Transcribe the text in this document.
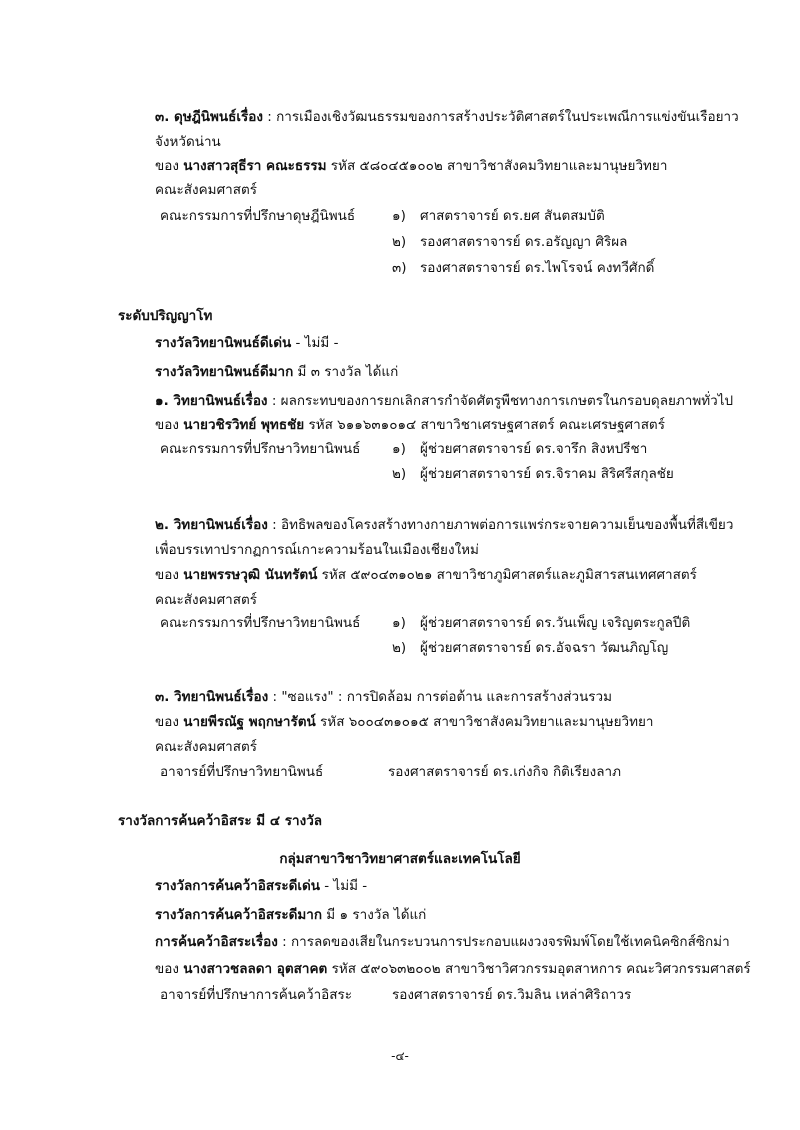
๓. ดุษฎีนิพนธ์เรื่อง : การเมืองเชิงวัฒนธรรมของการสร้างประวัติศาสตร์ในประเพณีการแข่งขันเรือยาว
จังหวัดน่าน
ของ นางสาวสุธีรา คณะธรรม รหัส ๕๘๐๔๕๑๐๐๒ สาขาวิชาสังคมวิทยาและมานุษยวิทยา
คณะสังคมศาสตร์
คณะกรรมการที่ปรึกษาดุษฎีนิพนธ์	๑) ศาสตราจารย์ ดร.ยศ สันตสมบัติ
๒) รองศาสตราจารย์ ดร.อรัญญา ศิริผล
๓) รองศาสตราจารย์ ดร.ไพโรจน์ คงทวีศักดิ์
ระดับปริญญาโท
รางวัลวิทยานิพนธ์ดีเด่น - ไม่มี -
รางวัลวิทยานิพนธ์ดีมาก มี ๓ รางวัล ได้แก่
๑. วิทยานิพนธ์เรื่อง : ผลกระทบของการยกเลิกสารกำจัดศัตรูพืชทางการเกษตรในกรอบดุลยภาพทั่วไป
ของ นายวชิรวิทย์ พุทธชัย รหัส ๖๑๑๖๓๑๐๑๔ สาขาวิชาเศรษฐศาสตร์ คณะเศรษฐศาสตร์
คณะกรรมการที่ปรึกษาวิทยานิพนธ์ ๑) ผู้ช่วยศาสตราจารย์ ดร.จารึก สิงหปรีชา
๒) ผู้ช่วยศาสตราจารย์ ดร.จิราคม สิริศรีสกุลชัย
๒. วิทยานิพนธ์เรื่อง : อิทธิพลของโครงสร้างทางกายภาพต่อการแพร่กระจายความเย็นของพื้นที่สีเขียว
เพื่อบรรเทาปรากฏการณ์เกาะความร้อนในเมืองเชียงใหม่
ของ นายพรรษวุฒิ นันทรัตน์ รหัส ๕๙๐๔๓๑๐๒๑ สาขาวิชาภูมิศาสตร์และภูมิสารสนเทศศาสตร์
คณะสังคมศาสตร์
คณะกรรมการที่ปรึกษาวิทยานิพนธ์ ๑) ผู้ช่วยศาสตราจารย์ ดร.วันเพ็ญ เจริญตระกูลปีติ
๒) ผู้ช่วยศาสตราจารย์ ดร.อัจฉรา วัฒนภิญโญ
๓. วิทยานิพนธ์เรื่อง : "ซอแรง" : การปิดล้อม การต่อต้าน และการสร้างส่วนรวม
ของ นายพีรณัฐ พฤกษารัตน์ รหัส ๖๐๐๔๓๑๐๑๕ สาขาวิชาสังคมวิทยาและมานุษยวิทยา
คณะสังคมศาสตร์
อาจารย์ที่ปรึกษาวิทยานิพนธ์	รองศาสตราจารย์ ดร.เก่งกิจ กิติเรียงลาภ
รางวัลการค้นคว้าอิสระ มี ๔ รางวัล
กลุ่มสาขาวิชาวิทยาศาสตร์และเทคโนโลยี
รางวัลการค้นคว้าอิสระดีเด่น - ไม่มี -
รางวัลการค้นคว้าอิสระดีมาก มี ๑ รางวัล ได้แก่
การค้นคว้าอิสระเรื่อง : การลดของเสียในกระบวนการประกอบแผงวงจรพิมพ์โดยใช้เทคนิคซิกส์ซิกม่า
ของ นางสาวชลลดา อุตสาคต รหัส ๕๙๐๖๓๒๐๐๒ สาขาวิชาวิศวกรรมอุตสาหการ คณะวิศวกรรมศาสตร์
อาจารย์ที่ปรึกษาการค้นคว้าอิสระ	รองศาสตราจารย์ ดร.วิมลิน เหล่าศิริถาวร
-๔-
